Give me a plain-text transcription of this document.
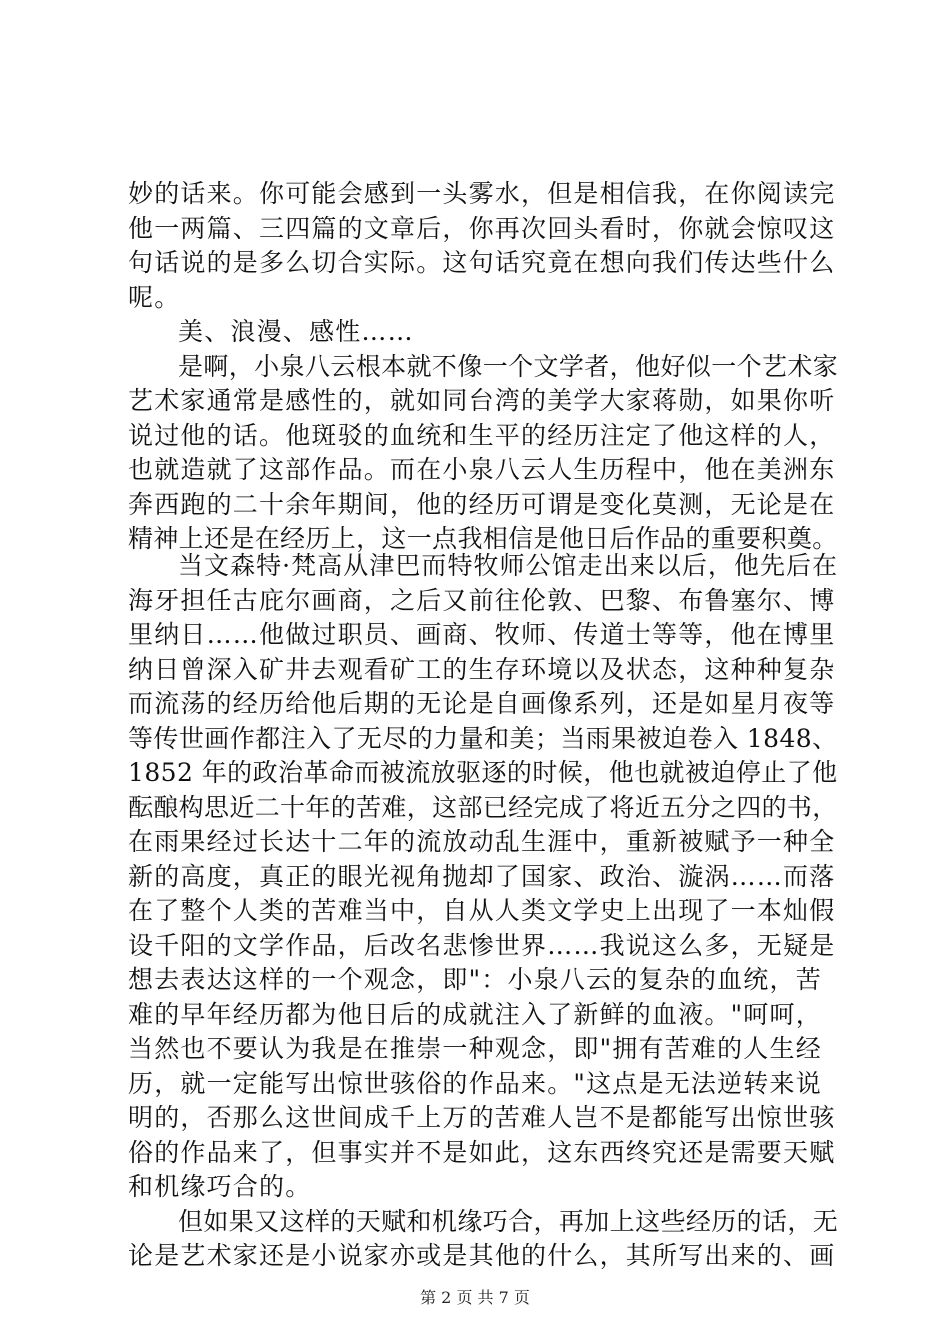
妙的话来。你可能会感到一头雾水，但是相信我，在你阅读完
他一两篇、三四篇的文章后，你再次回头看时，你就会惊叹这
句话说的是多么切合实际。这句话究竟在想向我们传达些什么
呢。
美、浪漫、感性……
是啊，小泉八云根本就不像一个文学者，他好似一个艺术家
艺术家通常是感性的，就如同台湾的美学大家蒋勋，如果你听
说过他的话。他斑驳的血统和生平的经历注定了他这样的人，
也就造就了这部作品。而在小泉八云人生历程中，他在美洲东
奔西跑的二十余年期间，他的经历可谓是变化莫测，无论是在
精神上还是在经历上，这一点我相信是他日后作品的重要积奠。
当文森特·梵高从津巴而特牧师公馆走出来以后，他先后在
海牙担任古庇尔画商，之后又前往伦敦、巴黎、布鲁塞尔、博
里纳日……他做过职员、画商、牧师、传道士等等，他在博里
纳日曾深入矿井去观看矿工的生存环境以及状态，这种种复杂
而流荡的经历给他后期的无论是自画像系列，还是如星月夜等
等传世画作都注入了无尽的力量和美；当雨果被迫卷入 1848、
1852 年的政治革命而被流放驱逐的时候，他也就被迫停止了他
酝酿构思近二十年的苦难，这部已经完成了将近五分之四的书，
在雨果经过长达十二年的流放动乱生涯中，重新被赋予一种全
新的高度，真正的眼光视角抛却了国家、政治、漩涡……而落
在了整个人类的苦难当中，自从人类文学史上出现了一本灿假
设千阳的文学作品，后改名悲惨世界……我说这么多，无疑是
想去表达这样的一个观念，即"：小泉八云的复杂的血统，苦
难的早年经历都为他日后的成就注入了新鲜的血液。"呵呵，
当然也不要认为我是在推崇一种观念，即"拥有苦难的人生经
历，就一定能写出惊世骇俗的作品来。"这点是无法逆转来说
明的，否那么这世间成千上万的苦难人岂不是都能写出惊世骇
俗的作品来了，但事实并不是如此，这东西终究还是需要天赋
和机缘巧合的。
但如果又这样的天赋和机缘巧合，再加上这些经历的话，无
论是艺术家还是小说家亦或是其他的什么，其所写出来的、画
第 2 页 共 7 页
